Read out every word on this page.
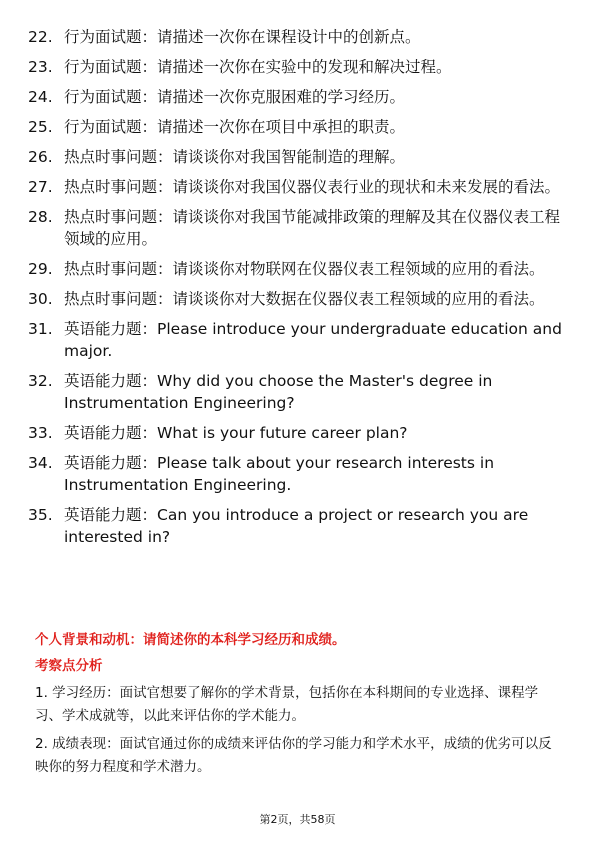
22. 行为面试题：请描述一次你在课程设计中的创新点。
23. 行为面试题：请描述一次你在实验中的发现和解决过程。
24. 行为面试题：请描述一次你克服困难的学习经历。
25. 行为面试题：请描述一次你在项目中承担的职责。
26. 热点时事问题：请谈谈你对我国智能制造的理解。
27. 热点时事问题：请谈谈你对我国仪器仪表行业的现状和未来发展的看法。
28. 热点时事问题：请谈谈你对我国节能减排政策的理解及其在仪器仪表工程领域的应用。
29. 热点时事问题：请谈谈你对物联网在仪器仪表工程领域的应用的看法。
30. 热点时事问题：请谈谈你对大数据在仪器仪表工程领域的应用的看法。
31. 英语能力题：Please introduce your undergraduate education and major.
32. 英语能力题：Why did you choose the Master's degree in Instrumentation Engineering?
33. 英语能力题：What is your future career plan?
34. 英语能力题：Please talk about your research interests in Instrumentation Engineering.
35. 英语能力题：Can you introduce a project or research you are interested in?
个人背景和动机：请简述你的本科学习经历和成绩。
考察点分析
1. 学习经历：面试官想要了解你的学术背景，包括你在本科期间的专业选择、课程学习、学术成就等，以此来评估你的学术能力。
2. 成绩表现：面试官通过你的成绩来评估你的学习能力和学术水平，成绩的优劣可以反映你的努力程度和学术潜力。
第2页，共58页
